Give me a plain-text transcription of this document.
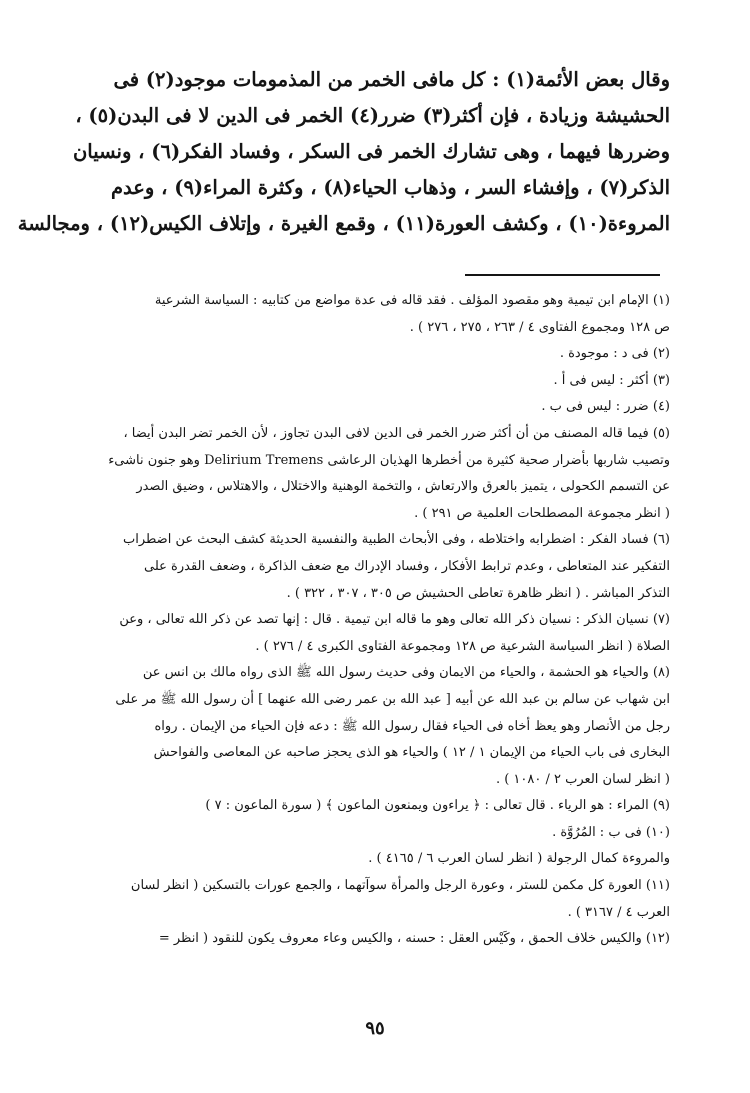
وقال بعض الأئمة(١) : كل مافى الخمر من المذمومات موجود(٢) فى
الحشيشة وزيادة ، فإن أكثر(٣) ضرر(٤) الخمر فى الدين لا فى البدن(٥) ،
وضررها فيهما ، وهى تشارك الخمر فى السكر ، وفساد الفكر(٦) ، ونسيان
الذكر(٧) ، وإفشاء السر ، وذهاب الحياء(٨) ، وكثرة المراء(٩) ، وعدم
المروءة(١٠) ، وكشف العورة(١١) ، وقمع الغيرة ، وإتلاف الكيس(١٢) ، ومجالسة
(١) الإمام ابن تيمية وهو مقصود المؤلف . فقد قاله فى عدة مواضع من كتابيه : السياسة الشرعية
ص ١٢٨ ومجموع الفتاوى ٤ / ٢٦٣ ، ٢٧٥ ، ٢٧٦ ) .
(٢) فى د : موجودة .
(٣) أكثر : ليس فى أ .
(٤) ضرر : ليس فى ب .
(٥) فيما قاله المصنف من أن أكثر ضرر الخمر فى الدين لافى البدن تجاوز ، لأن الخمر تضر البدن أيضا ،
وتصيب شاربها بأضرار صحية كثيرة من أخطرها الهذيان الرعاشى Delirium Tremens وهو جنون ناشىء
عن التسمم الكحولى ، يتميز بالعرق والارتعاش ، والتخمة الوهنية والاختلال ، والاهتلاس ، وضيق الصدر
( انظر مجموعة المصطلحات العلمية ص ٢٩١ ) .
(٦) فساد الفكر : اضطرابه واختلاطه ، وفى الأبحاث الطبية والنفسية الحديثة كشف البحث عن اضطراب
التفكير عند المتعاطى ، وعدم ترابط الأفكار ، وفساد الإدراك مع ضعف الذاكرة ، وضعف القدرة على
التذكر المباشر . ( انظر ظاهرة تعاطى الحشيش ص ٣٠٥ ، ٣٠٧ ، ٣٢٢ ) .
(٧) نسيان الذكر : نسيان ذكر الله تعالى وهو ما قاله ابن تيمية . قال : إنها تصد عن ذكر الله تعالى ، وعن
الصلاة ( انظر السياسة الشرعية ص ١٢٨ ومجموعة الفتاوى الكبرى ٤ / ٢٧٦ ) .
(٨) والحياء هو الحشمة ، والحياء من الايمان وفى حديث رسول الله ﷺ الذى رواه مالك بن انس عن
ابن شهاب عن سالم بن عبد الله عن أبيه [ عبد الله بن عمر رضى الله عنهما ] أن رسول الله ﷺ مر على
رجل من الأنصار وهو يعظ أخاه فى الحياء فقال رسول الله ﷺ : دعه فإن الحياء من الإيمان . رواه
البخارى فى باب الحياء من الإيمان ١ / ١٢ ) والحياء هو الذى يحجز صاحبه عن المعاصى والفواحش
( انظر لسان العرب ٢ / ١٠٨٠ ) .
(٩) المراء : هو الرياء . قال تعالى : ﴿ يراءون ويمنعون الماعون ﴾ ( سورة الماعون : ٧ )
(١٠) فى ب : المُرُوَّة .
والمروءة كمال الرجولة ( انظر لسان العرب ٦ / ٤١٦٥ ) .
(١١) العورة كل مكمن للستر ، وعورة الرجل والمرأة سوآتهما ، والجمع عورات بالتسكين ( انظر لسان
العرب ٤ / ٣١٦٧ ) .
(١٢) والكيس خلاف الحمق ، وكَيْس العقل : حسنه ، والكيس وعاء معروف يكون للنقود ( انظر =
٩٥
